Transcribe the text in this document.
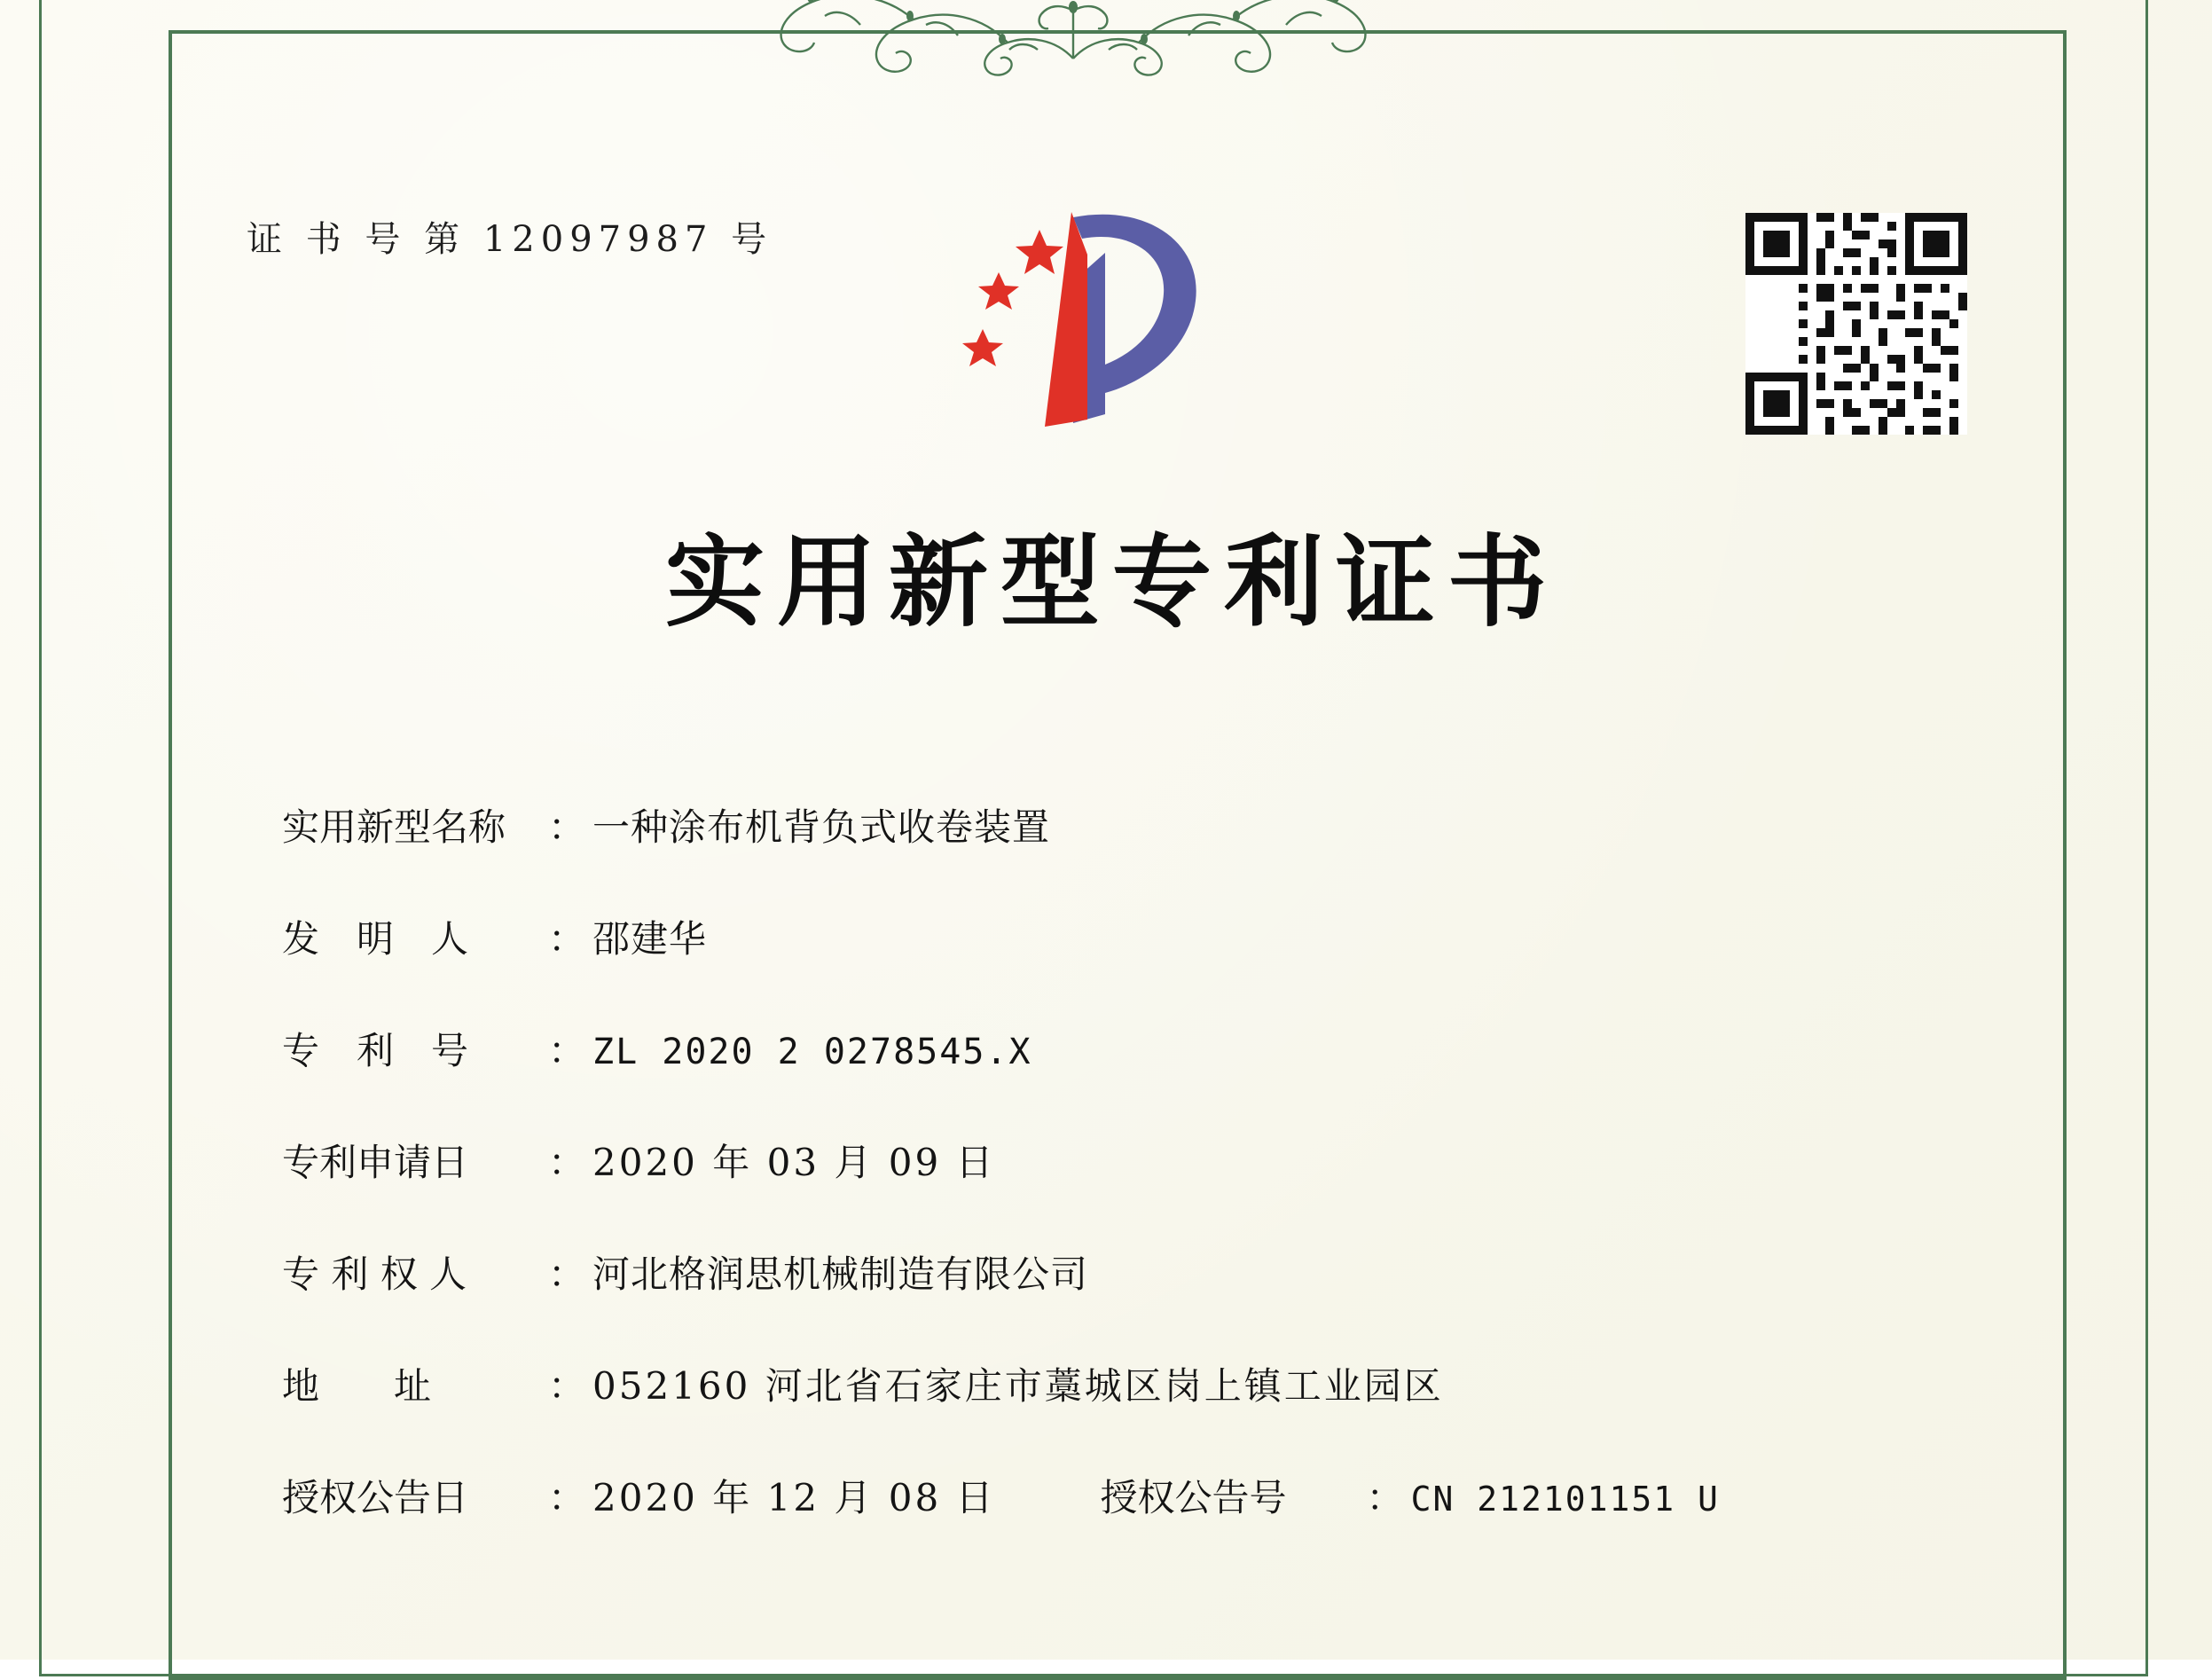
证 书 号 第 12097987 号
实用新型专利证书
实用新型名称	： 一种涂布机背负式收卷装置
发　明　人	： 邵建华
专　利　号	： ZL 2020 2 0278545.X
专利申请日	： 2020 年 03 月 09 日
专 利 权 人	： 河北格润思机械制造有限公司
地　　址	： 052160 河北省石家庄市藁城区岗上镇工业园区
授权公告日	： 2020 年 12 月 08 日	授权公告号	： CN 212101151 U
